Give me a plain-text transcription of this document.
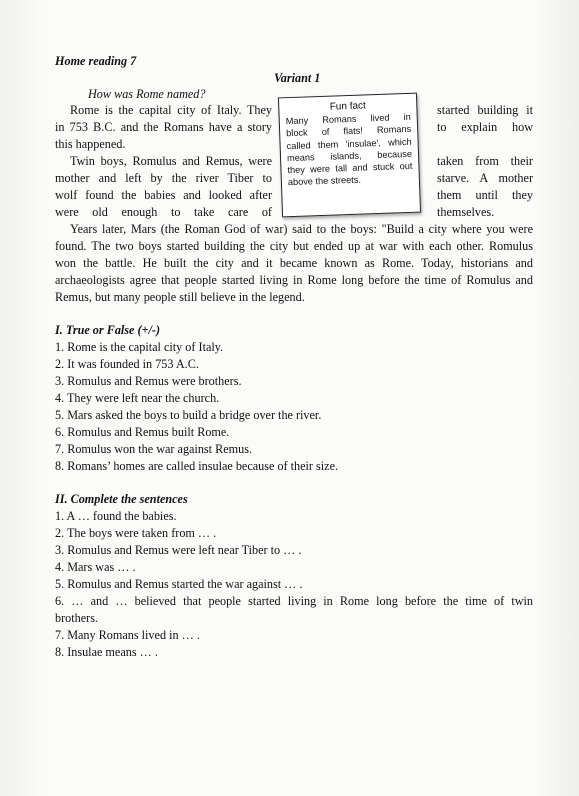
Home reading 7
Variant 1
How was Rome named?
Rome is the capital city of Italy. They
in 753 B.C. and the Romans have a story
this happened.
Twin boys, Romulus and Remus, were
mother and left by the river Tiber to
wolf found the babies and looked after
were old enough to take care of
started building it
to explain how
taken from their
starve. A mother
them until they
themselves.
Fun fact
Many Romans lived in
block of flats! Romans
called them 'insulae', which
means islands, because
they were tall and stuck out
above the streets.
Years later, Mars (the Roman God of war) said to the boys: "Build a city where you were
found. The two boys started building the city but ended up at war with each other. Romulus
won the battle. He built the city and it became known as Rome. Today, historians and
archaeologists agree that people started living in Rome long before the time of Romulus and
Remus, but many people still believe in the legend.
I. True or False (+/-)
1. Rome is the capital city of Italy.
2. It was founded in 753 A.C.
3. Romulus and Remus were brothers.
4. They were left near the church.
5. Mars asked the boys to build a bridge over the river.
6. Romulus and Remus built Rome.
7. Romulus won the war against Remus.
8. Romans’ homes are called insulae because of their size.
II. Complete the sentences
1. A … found the babies.
2. The boys were taken from … .
3. Romulus and Remus were left near Tiber to … .
4. Mars was … .
5. Romulus and Remus started the war against … .
6. … and … believed that people started living in Rome long before the time of twin
brothers.
7. Many Romans lived in … .
8. Insulae means … .
